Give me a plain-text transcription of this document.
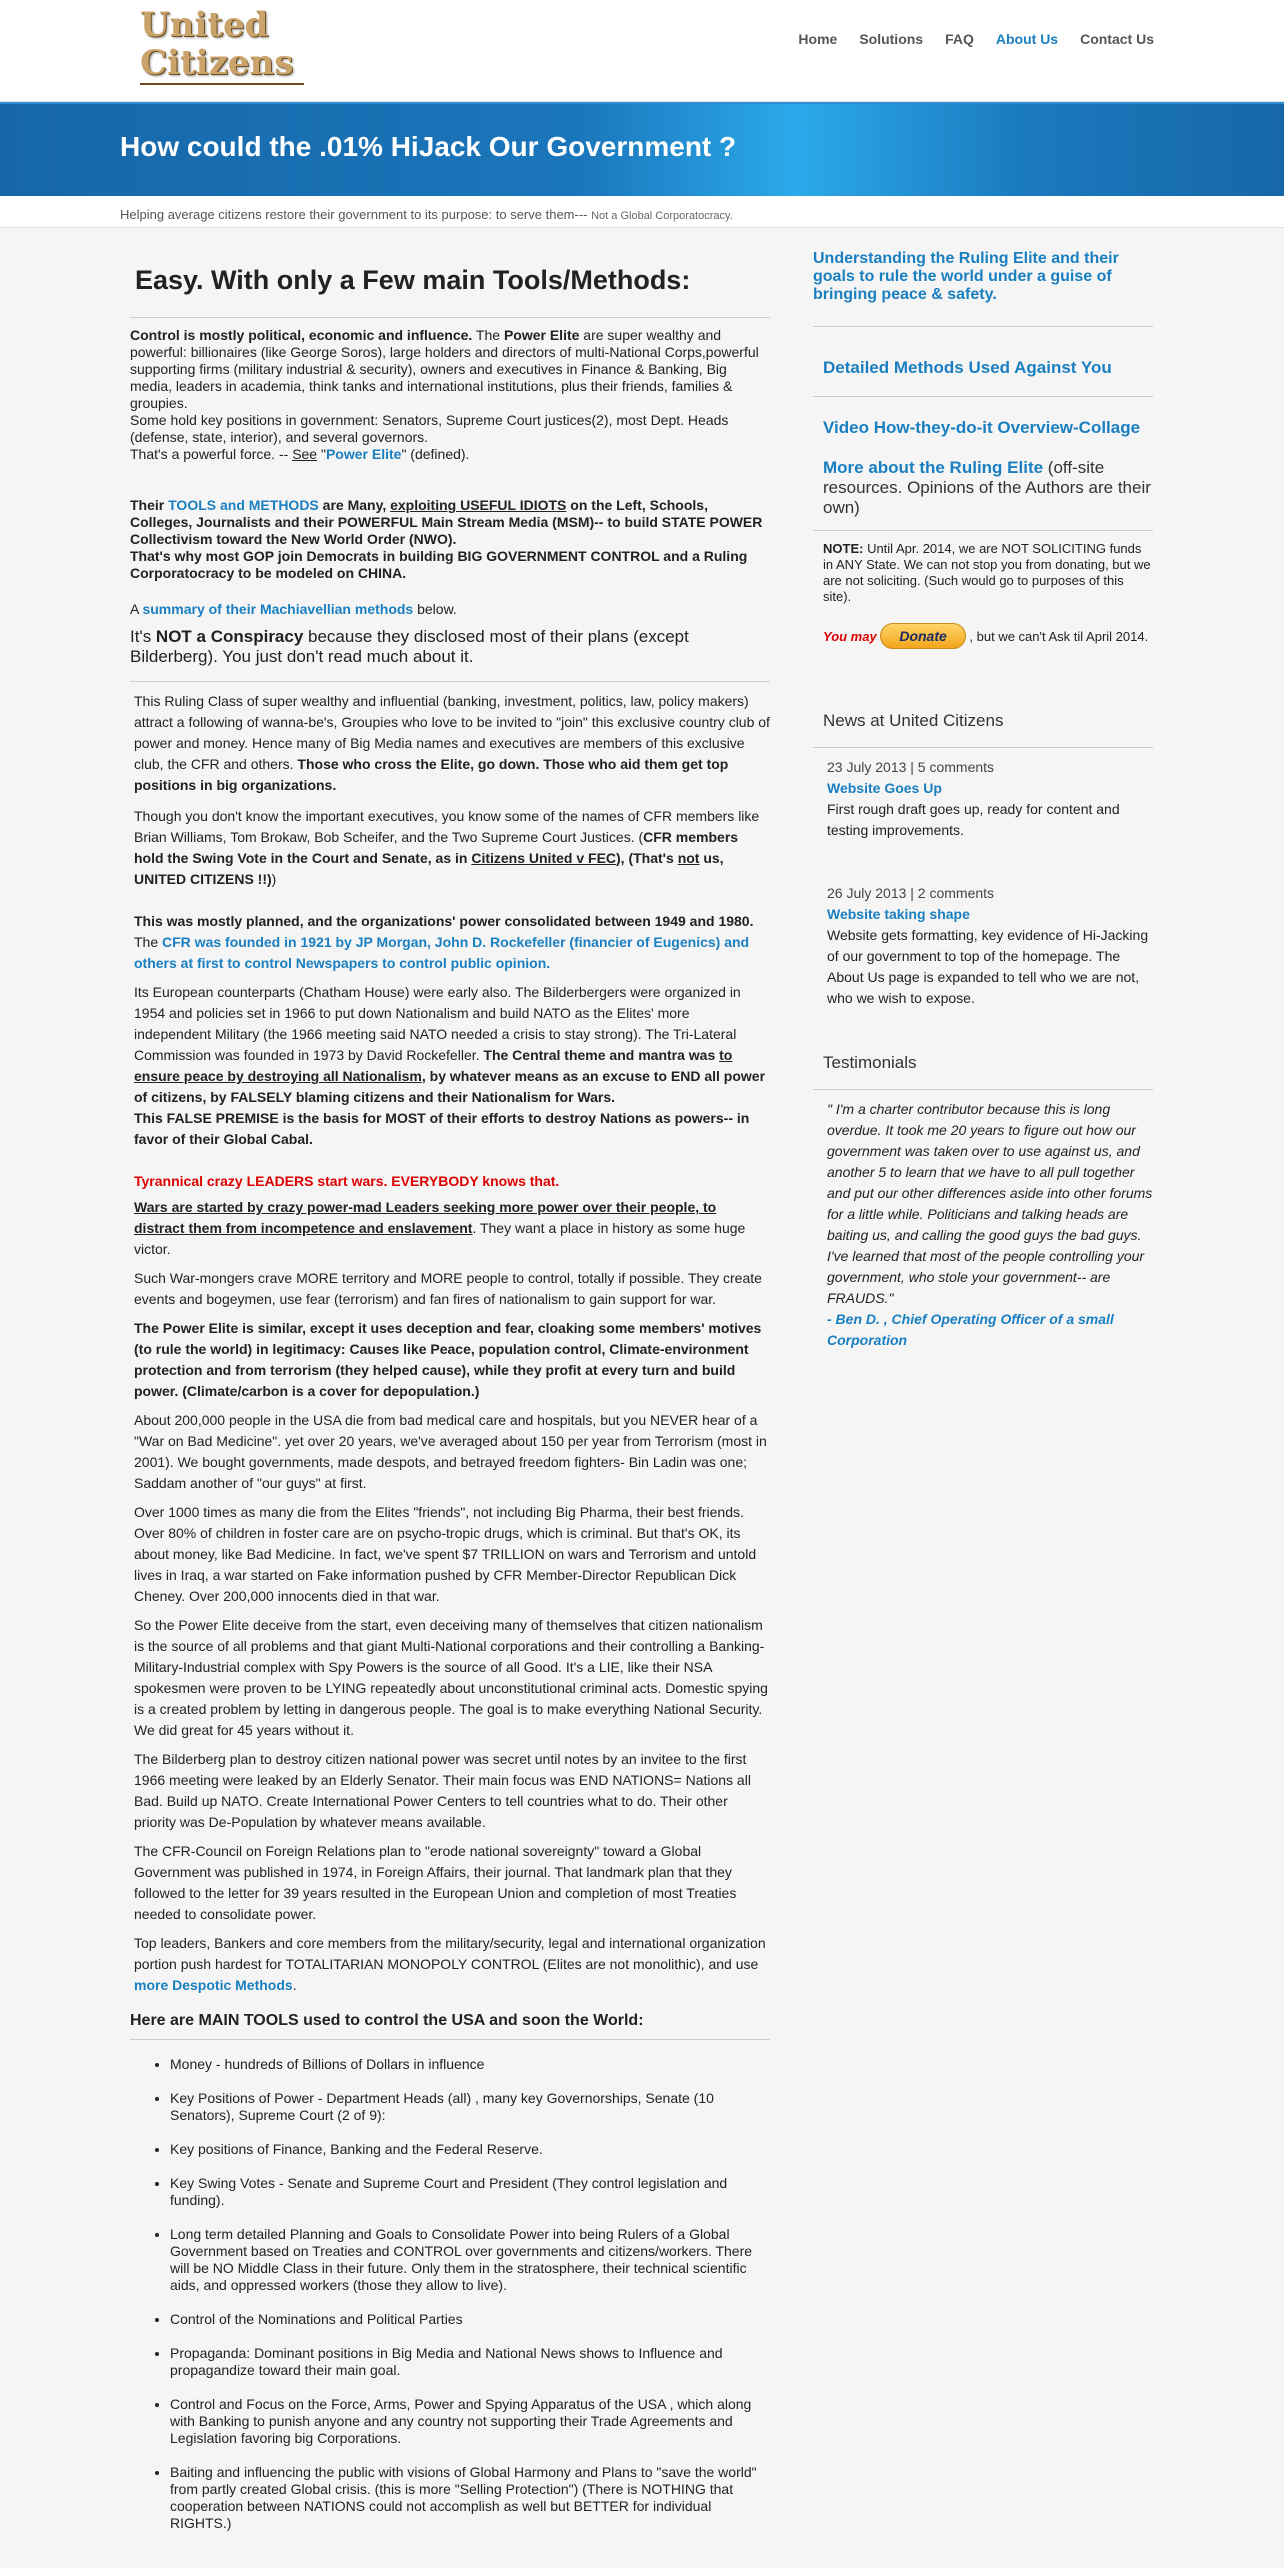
United
Citizens
Home Solutions FAQ About Us Contact Us
How could the .01% HiJack Our Government ?
Helping average citizens restore their government to its purpose: to serve them--- Not a Global Corporatocracy.
Easy. With only a Few main Tools/Methods:

Control is mostly political, economic and influence. The Power Elite are super wealthy and powerful: billionaires (like George Soros), large holders and directors of multi-National Corps,powerful supporting firms (military industrial & security), owners and executives in Finance & Banking, Big media, leaders in academia, think tanks and international institutions, plus their friends, families & groupies.
Some hold key positions in government: Senators, Supreme Court justices(2), most Dept. Heads (defense, state, interior), and several governors.
That's a powerful force. -- See "Power Elite" (defined).

Their TOOLS and METHODS are Many, exploiting USEFUL IDIOTS on the Left, Schools, Colleges, Journalists and their POWERFUL Main Stream Media (MSM)-- to build STATE POWER Collectivism toward the New World Order (NWO).
That's why most GOP join Democrats in building BIG GOVERNMENT CONTROL and a Ruling Corporatocracy to be modeled on CHINA.

A summary of their Machiavellian methods below.

It's NOT a Conspiracy because they disclosed most of their plans (except Bilderberg). You just don't read much about it.

This Ruling Class of super wealthy and influential (banking, investment, politics, law, policy makers) attract a following of wanna-be's, Groupies who love to be invited to "join" this exclusive country club of power and money. Hence many of Big Media names and executives are members of this exclusive club, the CFR and others. Those who cross the Elite, go down. Those who aid them get top positions in big organizations.

Though you don't know the important executives, you know some of the names of CFR members like Brian Williams, Tom Brokaw, Bob Scheifer, and the Two Supreme Court Justices. (CFR members hold the Swing Vote in the Court and Senate, as in Citizens United v FEC), (That's not us, UNITED CITIZENS !!))

This was mostly planned, and the organizations' power consolidated between 1949 and 1980.
The CFR was founded in 1921 by JP Morgan, John D. Rockefeller (financier of Eugenics) and others at first to control Newspapers to control public opinion.

Its European counterparts (Chatham House) were early also. The Bilderbergers were organized in 1954 and policies set in 1966 to put down Nationalism and build NATO as the Elites' more independent Military (the 1966 meeting said NATO needed a crisis to stay strong). The Tri-Lateral Commission was founded in 1973 by David Rockefeller. The Central theme and mantra was to ensure peace by destroying all Nationalism, by whatever means as an excuse to END all power of citizens, by FALSELY blaming citizens and their Nationalism for Wars.
This FALSE PREMISE is the basis for MOST of their efforts to destroy Nations as powers-- in favor of their Global Cabal.

Tyrannical crazy LEADERS start wars. EVERYBODY knows that.

Wars are started by crazy power-mad Leaders seeking more power over their people, to distract them from incompetence and enslavement. They want a place in history as some huge victor.

Such War-mongers crave MORE territory and MORE people to control, totally if possible. They create events and bogeymen, use fear (terrorism) and fan fires of nationalism to gain support for war.

The Power Elite is similar, except it uses deception and fear, cloaking some members' motives (to rule the world) in legitimacy: Causes like Peace, population control, Climate-environment protection and from terrorism (they helped cause), while they profit at every turn and build power. (Climate/carbon is a cover for depopulation.)

About 200,000 people in the USA die from bad medical care and hospitals, but you NEVER hear of a "War on Bad Medicine". yet over 20 years, we've averaged about 150 per year from Terrorism (most in 2001). We bought governments, made despots, and betrayed freedom fighters- Bin Ladin was one; Saddam another of "our guys" at first.

Over 1000 times as many die from the Elites "friends", not including Big Pharma, their best friends. Over 80% of children in foster care are on psycho-tropic drugs, which is criminal. But that's OK, its about money, like Bad Medicine. In fact, we've spent $7 TRILLION on wars and Terrorism and untold lives in Iraq, a war started on Fake information pushed by CFR Member-Director Republican Dick Cheney. Over 200,000 innocents died in that war.

So the Power Elite deceive from the start, even deceiving many of themselves that citizen nationalism is the source of all problems and that giant Multi-National corporations and their controlling a Banking-Military-Industrial complex with Spy Powers is the source of all Good. It's a LIE, like their NSA spokesmen were proven to be LYING repeatedly about unconstitutional criminal acts. Domestic spying is a created problem by letting in dangerous people. The goal is to make everything National Security. We did great for 45 years without it.

The Bilderberg plan to destroy citizen national power was secret until notes by an invitee to the first 1966 meeting were leaked by an Elderly Senator. Their main focus was END NATIONS= Nations all Bad. Build up NATO. Create International Power Centers to tell countries what to do. Their other priority was De-Population by whatever means available.

The CFR-Council on Foreign Relations plan to "erode national sovereignty" toward a Global Government was published in 1974, in Foreign Affairs, their journal. That landmark plan that they followed to the letter for 39 years resulted in the European Union and completion of most Treaties needed to consolidate power.

Top leaders, Bankers and core members from the military/security, legal and international organization portion push hardest for TOTALITARIAN MONOPOLY CONTROL (Elites are not monolithic), and use more Despotic Methods.

Here are MAIN TOOLS used to control the USA and soon the World:
• Money - hundreds of Billions of Dollars in influence
• Key Positions of Power - Department Heads (all) , many key Governorships, Senate (10 Senators), Supreme Court (2 of 9):
• Key positions of Finance, Banking and the Federal Reserve.
• Key Swing Votes - Senate and Supreme Court and President (They control legislation and funding).
• Long term detailed Planning and Goals to Consolidate Power into being Rulers of a Global Government based on Treaties and CONTROL over governments and citizens/workers. There will be NO Middle Class in their future. Only them in the stratosphere, their technical scientific aids, and oppressed workers (those they allow to live).
• Control of the Nominations and Political Parties
• Propaganda: Dominant positions in Big Media and National News shows to Influence and propagandize toward their main goal.
• Control and Focus on the Force, Arms, Power and Spying Apparatus of the USA , which along with Banking to punish anyone and any country not supporting their Trade Agreements and Legislation favoring big Corporations.
• Baiting and influencing the public with visions of Global Harmony and Plans to "save the world" from partly created Global crisis. (this is more "Selling Protection") (There is NOTHING that cooperation between NATIONS could not accomplish as well but BETTER for individual RIGHTS.)
Understanding the Ruling Elite and their goals to rule the world under a guise of bringing peace & safety.
Detailed Methods Used Against You
Video How-they-do-it Overview-Collage
More about the Ruling Elite (off-site resources. Opinions of the Authors are their own)

NOTE: Until Apr. 2014, we are NOT SOLICITING funds in ANY State. We can not stop you from donating, but we are not soliciting. (Such would go to purposes of this site).

You may Donate , but we can't Ask til April 2014.
News at United Citizens
23 July 2013 | 5 comments
Website Goes Up
First rough draft goes up, ready for content and testing improvements.
26 July 2013 | 2 comments
Website taking shape
Website gets formatting, key evidence of Hi-Jacking of our government to top of the homepage. The About Us page is expanded to tell who we are not, who we wish to expose.
Testimonials
" I'm a charter contributor because this is long overdue. It took me 20 years to figure out how our government was taken over to use against us, and another 5 to learn that we have to all pull together and put our other differences aside into other forums for a little while. Politicians and talking heads are baiting us, and calling the good guys the bad guys. I've learned that most of the people controlling your government, who stole your government-- are FRAUDS."
- Ben D. , Chief Operating Officer of a small Corporation
